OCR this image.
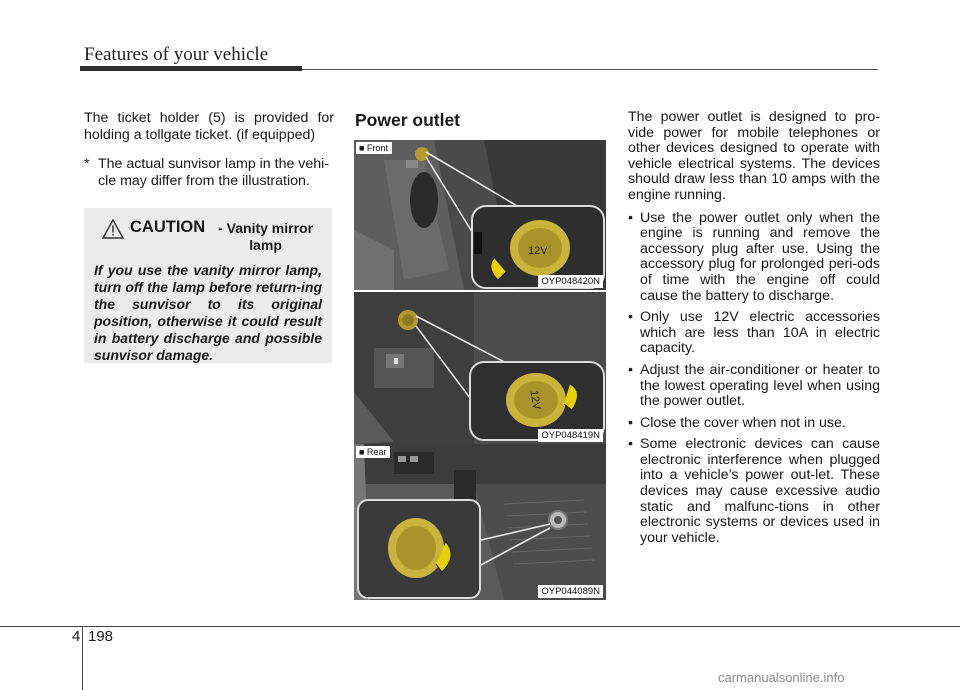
Features of your vehicle

The ticket holder (5) is provided for holding a tollgate ticket. (if equipped)

* The actual sunvisor lamp in the vehi-cle may differ from the illustration.
CAUTION - Vanity mirror lamp
If you use the vanity mirror lamp, turn off the lamp before return-ing the sunvisor to its original position, otherwise it could result in battery discharge and possible sunvisor damage.
Power outlet
12V
■ Front
OYP048420N
12V
OYP048419N
■ Rear
OYP044089N

The power outlet is designed to pro-vide power for mobile telephones or other devices designed to operate with vehicle electrical systems. The devices should draw less than 10 amps with the engine running.

• Use the power outlet only when the engine is running and remove the accessory plug after use. Using the accessory plug for prolonged peri-ods of time with the engine off could cause the battery to discharge.
• Only use 12V electric accessories which are less than 10A in electric capacity.
• Adjust the air-conditioner or heater to the lowest operating level when using the power outlet.
• Close the cover when not in use.
• Some electronic devices can cause electronic interference when plugged into a vehicle’s power out-let. These devices may cause excessive audio static and malfunc-tions in other electronic systems or devices used in your vehicle.
4 198
carmanualsonline.info
